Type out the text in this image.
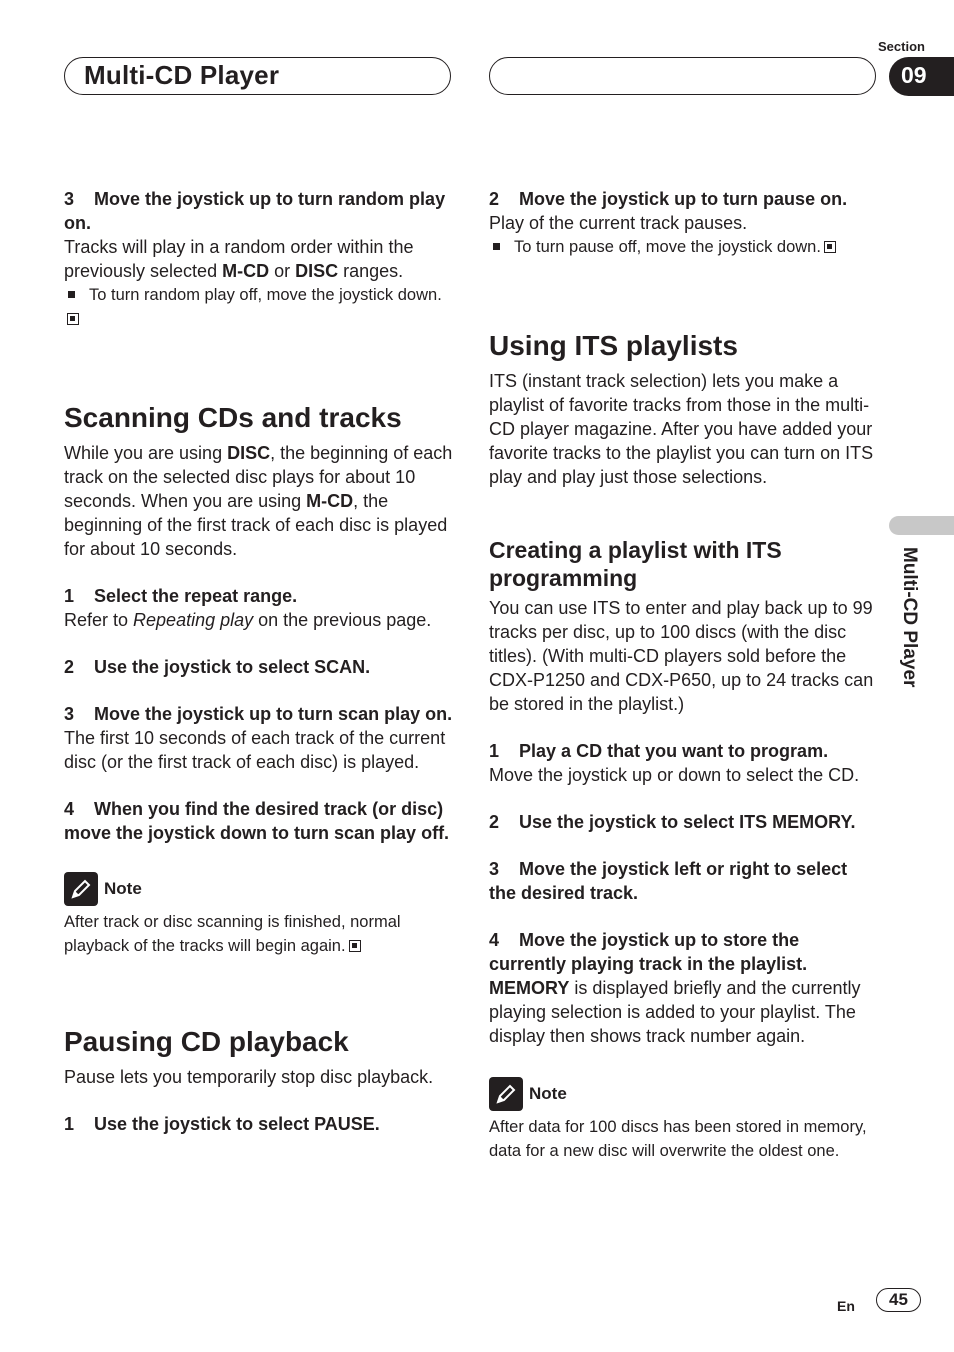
Multi-CD Player
Section
09
Multi-CD Player

3 Move the joystick up to turn random play on.

Tracks will play in a random order within the previously selected M-CD or DISC ranges.

To turn random play off, move the joystick down.

Scanning CDs and tracks

While you are using DISC, the beginning of each track on the selected disc plays for about 10 seconds. When you are using M-CD, the beginning of the first track of each disc is played for about 10 seconds.

1 Select the repeat range.

Refer to Repeating play on the previous page.

2 Use the joystick to select SCAN.

3 Move the joystick up to turn scan play on.

The first 10 seconds of each track of the current disc (or the first track of each disc) is played.

4 When you find the desired track (or disc) move the joystick down to turn scan play off.

Note

After track or disc scanning is finished, normal playback of the tracks will begin again.

Pausing CD playback

Pause lets you temporarily stop disc playback.

1 Use the joystick to select PAUSE.

2 Move the joystick up to turn pause on.

Play of the current track pauses.

To turn pause off, move the joystick down.

Using ITS playlists

ITS (instant track selection) lets you make a playlist of favorite tracks from those in the multi-CD player magazine. After you have added your favorite tracks to the playlist you can turn on ITS play and play just those selections.

Creating a playlist with ITS programming

You can use ITS to enter and play back up to 99 tracks per disc, up to 100 discs (with the disc titles). (With multi-CD players sold before the CDX-P1250 and CDX-P650, up to 24 tracks can be stored in the playlist.)

1 Play a CD that you want to program.

Move the joystick up or down to select the CD.

2 Use the joystick to select ITS MEMORY.

3 Move the joystick left or right to select the desired track.

4 Move the joystick up to store the currently playing track in the playlist.

MEMORY is displayed briefly and the currently playing selection is added to your playlist. The display then shows track number again.

Note

After data for 100 discs has been stored in memory, data for a new disc will overwrite the oldest one.

En	45
